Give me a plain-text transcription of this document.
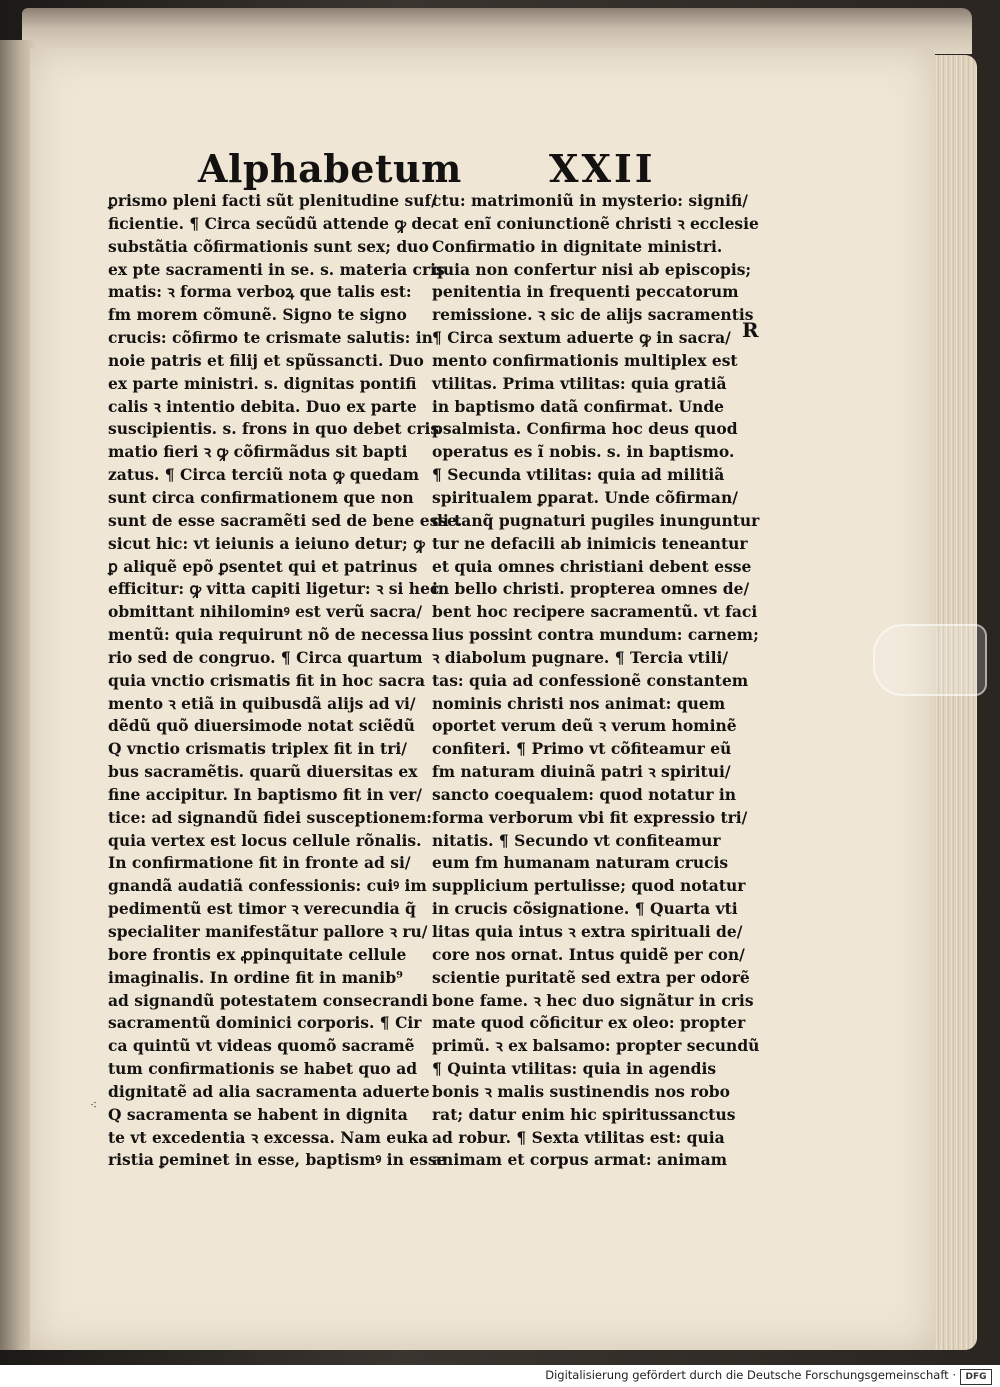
Alphabetum XXII
R
⁖
ꝑrismo pleni facti sũt plenitudine suf/
ficientie. ¶ Circa secũdũ attende ꝙ de
substãtia cõfirmationis sunt sex; duo
ex pte sacramenti in se. s. materia cris
matis: ꝛ forma verboꝝ que talis est:
fm morem cõmunẽ. Signo te signo
crucis: cõfirmo te crismate salutis: in
noie patris et filij et spũssancti. Duo
ex parte ministri. s. dignitas pontifi
calis ꝛ intentio debita. Duo ex parte
suscipientis. s. frons in quo debet cris
matio fieri ꝛ ꝙ cõfirmãdus sit bapti
zatus. ¶ Circa terciũ nota ꝙ quedam
sunt circa confirmationem que non
sunt de esse sacramẽti sed de bene esse.
sicut hic: vt ieiunis a ieiuno detur; ꝙ
ꝑ aliquẽ epõ ꝑsentet qui et patrinus
efficitur: ꝙ vitta capiti ligetur: ꝛ si hec
obmittant nihilominꝰ est verũ sacra/
mentũ: quia requirunt nõ de necessa
rio sed de congruo. ¶ Circa quartum
quia vnctio crismatis fit in hoc sacra
mento ꝛ etiã in quibusdã alijs ad vi/
dẽdũ quõ diuersimode notat sciẽdũ
Q vnctio crismatis triplex fit in tri/
bus sacramẽtis. quarũ diuersitas ex
fine accipitur. In baptismo fit in ver/
tice: ad signandũ fidei susceptionem:
quia vertex est locus cellule rõnalis.
In confirmatione fit in fronte ad si/
gnandã audatiã confessionis: cuiꝰ im
pedimentũ est timor ꝛ verecundia q̃
specialiter manifestãtur pallore ꝛ ru/
bore frontis ex ꝓpinquitate cellule
imaginalis. In ordine fit in manib⁹
ad signandũ potestatem consecrandi
sacramentũ dominici corporis. ¶ Cir
ca quintũ vt videas quomõ sacramẽ
tum confirmationis se habet quo ad
dignitatẽ ad alia sacramenta aduerte
Q sacramenta se habent in dignita
te vt excedentia ꝛ excessa. Nam euka
ristia ꝑeminet in esse, baptismꝰ in esse
ctu: matrimoniũ in mysterio: signifi/
cat enĩ coniunctionẽ christi ꝛ ecclesie
Confirmatio in dignitate ministri.
quia non confertur nisi ab episcopis;
penitentia in frequenti peccatorum
remissione. ꝛ sic de alijs sacramentis
¶ Circa sextum aduerte ꝙ in sacra/
mento confirmationis multiplex est
vtilitas. Prima vtilitas: quia gratiã
in baptismo datã confirmat. Unde
psalmista. Confirma hoc deus quod
operatus es ĩ nobis. s. in baptismo.
¶ Secunda vtilitas: quia ad militiã
spiritualem ꝑparat. Unde cõfirman/
di tanq̃ pugnaturi pugiles inunguntur
tur ne defacili ab inimicis teneantur
et quia omnes christiani debent esse
in bello christi. propterea omnes de/
bent hoc recipere sacramentũ. vt faci
lius possint contra mundum: carnem;
ꝛ diabolum pugnare. ¶ Tercia vtili/
tas: quia ad confessionẽ constantem
nominis christi nos animat: quem
oportet verum deũ ꝛ verum hominẽ
confiteri. ¶ Primo vt cõfiteamur eũ
fm naturam diuinã patri ꝛ spiritui/
sancto coequalem: quod notatur in
forma verborum vbi fit expressio tri/
nitatis. ¶ Secundo vt confiteamur
eum fm humanam naturam crucis
supplicium pertulisse; quod notatur
in crucis cõsignatione. ¶ Quarta vti
litas quia intus ꝛ extra spirituali de/
core nos ornat. Intus quidẽ per con/
scientie puritatẽ sed extra per odorẽ
bone fame. ꝛ hec duo signãtur in cris
mate quod cõficitur ex oleo: propter
primũ. ꝛ ex balsamo: propter secundũ
¶ Quinta vtilitas: quia in agendis
bonis ꝛ malis sustinendis nos robo
rat; datur enim hic spiritussanctus
ad robur. ¶ Sexta vtilitas est: quia
animam et corpus armat: animam
Digitalisierung gefördert durch die Deutsche Forschungsgemeinschaft ·	DFG
